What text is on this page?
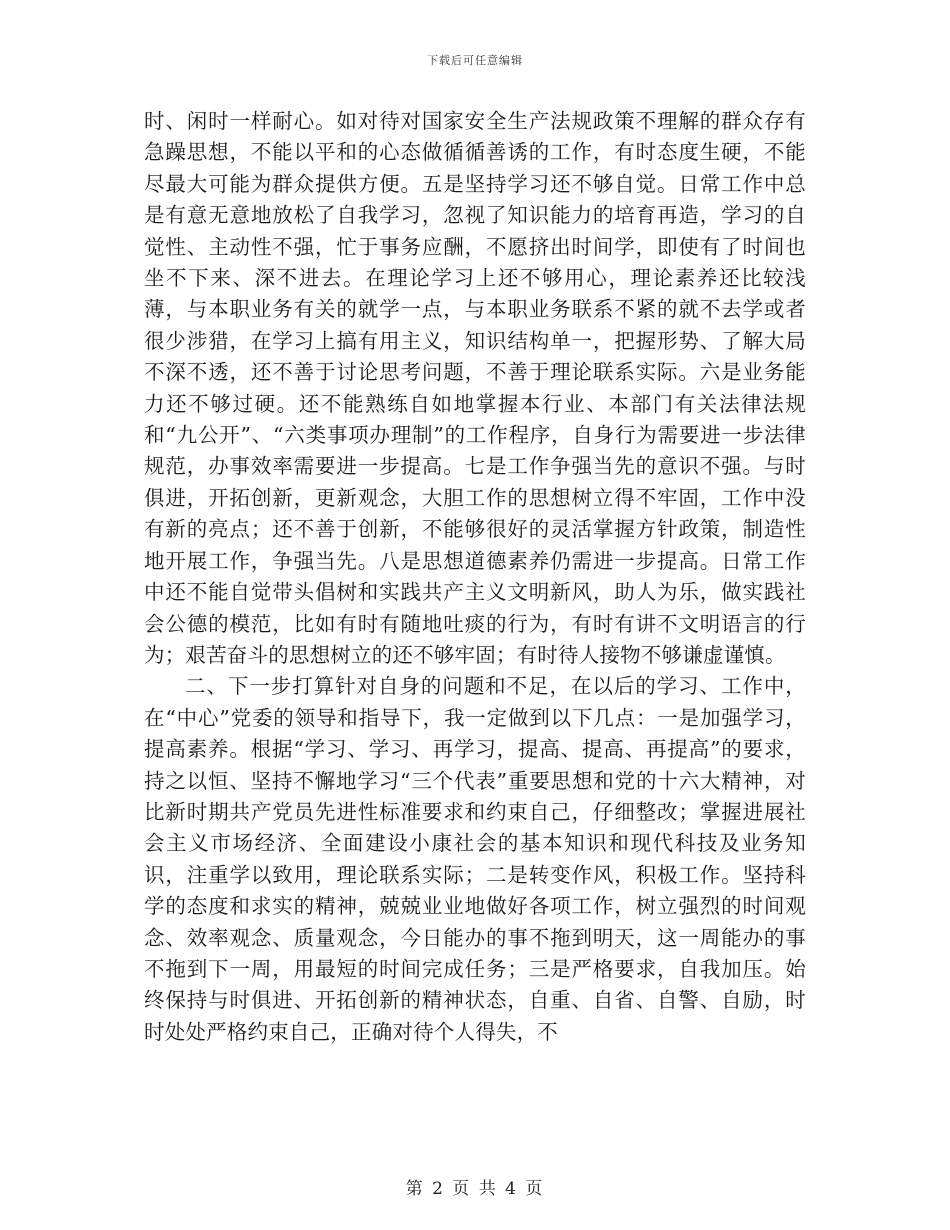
下载后可任意编辑

时、闲时一样耐心。如对待对国家安全生产法规政策不理解的群众存有急躁思想，不能以平和的心态做循循善诱的工作，有时态度生硬，不能尽最大可能为群众提供方便。五是坚持学习还不够自觉。日常工作中总是有意无意地放松了自我学习，忽视了知识能力的培育再造，学习的自觉性、主动性不强，忙于事务应酬，不愿挤出时间学，即使有了时间也坐不下来、深不进去。在理论学习上还不够用心，理论素养还比较浅薄，与本职业务有关的就学一点，与本职业务联系不紧的就不去学或者很少涉猎，在学习上搞有用主义，知识结构单一，把握形势、了解大局不深不透，还不善于讨论思考问题，不善于理论联系实际。六是业务能力还不够过硬。还不能熟练自如地掌握本行业、本部门有关法律法规和“九公开”、“六类事项办理制”的工作程序，自身行为需要进一步法律规范，办事效率需要进一步提高。七是工作争强当先的意识不强。与时俱进，开拓创新，更新观念，大胆工作的思想树立得不牢固，工作中没有新的亮点；还不善于创新，不能够很好的灵活掌握方针政策，制造性地开展工作，争强当先。八是思想道德素养仍需进一步提高。日常工作中还不能自觉带头倡树和实践共产主义文明新风，助人为乐，做实践社会公德的模范，比如有时有随地吐痰的行为，有时有讲不文明语言的行为；艰苦奋斗的思想树立的还不够牢固；有时待人接物不够谦虚谨慎。

二、下一步打算针对自身的问题和不足，在以后的学习、工作中，在“中心”党委的领导和指导下，我一定做到以下几点：一是加强学习，提高素养。根据“学习、学习、再学习，提高、提高、再提高”的要求，持之以恒、坚持不懈地学习“三个代表”重要思想和党的十六大精神，对比新时期共产党员先进性标准要求和约束自己，仔细整改；掌握进展社会主义市场经济、全面建设小康社会的基本知识和现代科技及业务知识，注重学以致用，理论联系实际；二是转变作风，积极工作。坚持科学的态度和求实的精神，兢兢业业地做好各项工作，树立强烈的时间观念、效率观念、质量观念，今日能办的事不拖到明天，这一周能办的事不拖到下一周，用最短的时间完成任务；三是严格要求，自我加压。始终保持与时俱进、开拓创新的精神状态，自重、自省、自警、自励，时时处处严格约束自己，正确对待个人得失，不

第 2 页 共 4 页
